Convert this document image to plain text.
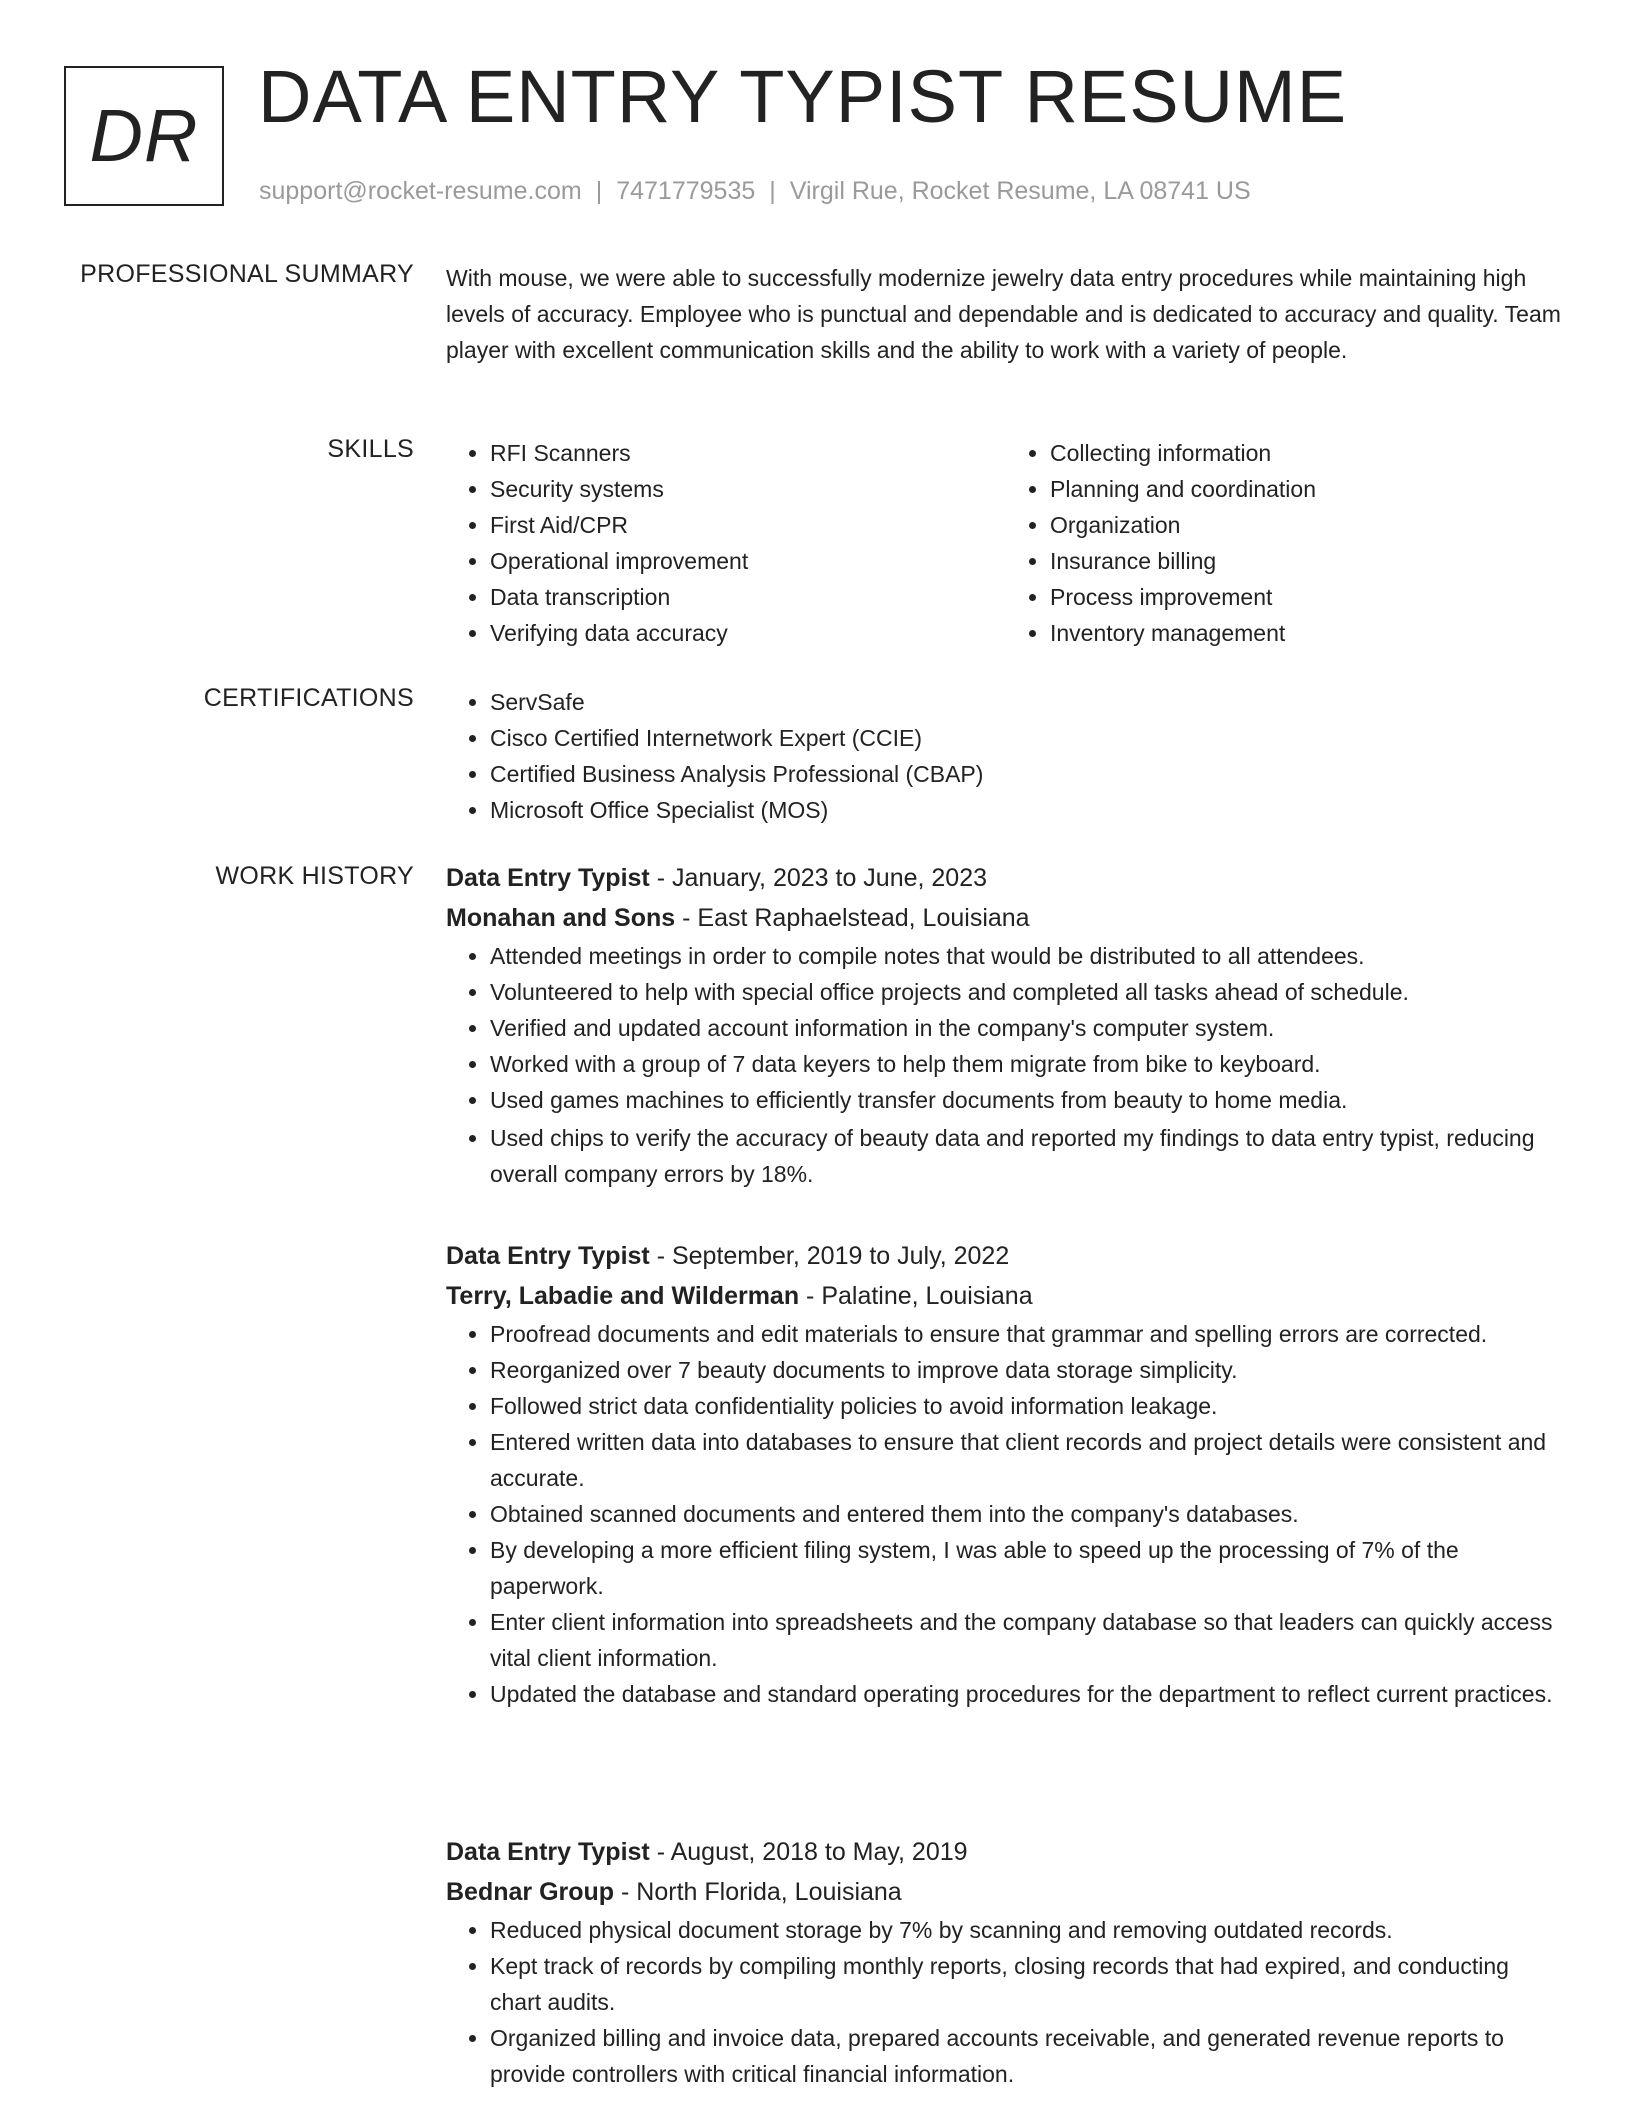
DR DATA ENTRY TYPIST RESUME
support@rocket-resume.com | 7471779535 | Virgil Rue, Rocket Resume, LA 08741 US
PROFESSIONAL SUMMARY With mouse, we were able to successfully modernize jewelry data entry procedures while maintaining high levels of accuracy. Employee who is punctual and dependable and is dedicated to accuracy and quality. Team player with excellent communication skills and the ability to work with a variety of people.

SKILLS	• RFI Scanners
• Security systems
• First Aid/CPR
• Operational improvement
• Data transcription
• Verifying data accuracy
• Collecting information
• Planning and coordination
• Organization
• Insurance billing
• Process improvement
• Inventory management
CERTIFICATIONS	• ServSafe
• Cisco Certified Internetwork Expert (CCIE)
• Certified Business Analysis Professional (CBAP)
• Microsoft Office Specialist (MOS)
WORK HISTORY Data Entry Typist - January, 2023 to June, 2023
Monahan and Sons - East Raphaelstead, Louisiana
• Attended meetings in order to compile notes that would be distributed to all attendees.
• Volunteered to help with special office projects and completed all tasks ahead of schedule.
• Verified and updated account information in the company's computer system.
• Worked with a group of 7 data keyers to help them migrate from bike to keyboard.
• Used games machines to efficiently transfer documents from beauty to home media.
• Used chips to verify the accuracy of beauty data and reported my findings to data entry typist, reducing overall company errors by 18%.
Data Entry Typist - September, 2019 to July, 2022
Terry, Labadie and Wilderman - Palatine, Louisiana
• Proofread documents and edit materials to ensure that grammar and spelling errors are corrected.
• Reorganized over 7 beauty documents to improve data storage simplicity.
• Followed strict data confidentiality policies to avoid information leakage.
• Entered written data into databases to ensure that client records and project details were consistent and accurate.
• Obtained scanned documents and entered them into the company's databases.
• By developing a more efficient filing system, I was able to speed up the processing of 7% of the paperwork.
• Enter client information into spreadsheets and the company database so that leaders can quickly access vital client information.
• Updated the database and standard operating procedures for the department to reflect current practices.
Data Entry Typist - August, 2018 to May, 2019
Bednar Group - North Florida, Louisiana
• Reduced physical document storage by 7% by scanning and removing outdated records.
• Kept track of records by compiling monthly reports, closing records that had expired, and conducting chart audits.
• Organized billing and invoice data, prepared accounts receivable, and generated revenue reports to provide controllers with critical financial information.
